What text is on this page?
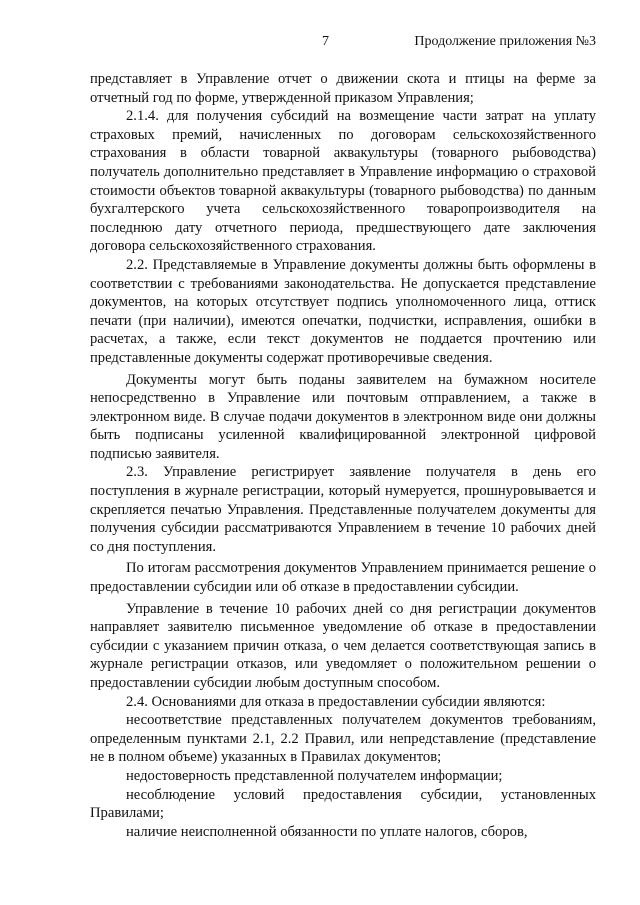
7	Продолжение приложения №3

представляет в Управление отчет о движении скота и птицы на ферме за отчетный год по форме, утвержденной приказом Управления;

2.1.4. для получения субсидий на возмещение части затрат на уплату страховых премий, начисленных по договорам сельскохозяйственного страхования в области товарной аквакультуры (товарного рыбоводства) получатель дополнительно представляет в Управление информацию о страховой стоимости объектов товарной аквакультуры (товарного рыбоводства) по данным бухгалтерского учета сельскохозяйственного товаропроизводителя на последнюю дату отчетного периода, предшествующего дате заключения договора сельскохозяйственного страхования.

2.2. Представляемые в Управление документы должны быть оформлены в соответствии с требованиями законодательства. Не допускается представление документов, на которых отсутствует подпись уполномоченного лица, оттиск печати (при наличии), имеются опечатки, подчистки, исправления, ошибки в расчетах, а также, если текст документов не поддается прочтению или представленные документы содержат противоречивые сведения.

Документы могут быть поданы заявителем на бумажном носителе непосредственно в Управление или почтовым отправлением, а также в электронном виде. В случае подачи документов в электронном виде они должны быть подписаны усиленной квалифицированной электронной цифровой подписью заявителя.

2.3. Управление регистрирует заявление получателя в день его поступления в журнале регистрации, который нумеруется, прошнуровывается и скрепляется печатью Управления. Представленные получателем документы для получения субсидии рассматриваются Управлением в течение 10 рабочих дней со дня поступления.

По итогам рассмотрения документов Управлением принимается решение о предоставлении субсидии или об отказе в предоставлении субсидии.

Управление в течение 10 рабочих дней со дня регистрации документов направляет заявителю письменное уведомление об отказе в предоставлении субсидии с указанием причин отказа, о чем делается соответствующая запись в журнале регистрации отказов, или уведомляет о положительном решении о предоставлении субсидии любым доступным способом.

2.4. Основаниями для отказа в предоставлении субсидии являются:

несоответствие представленных получателем документов требованиям, определенным пунктами 2.1, 2.2 Правил, или непредставление (представление не в полном объеме) указанных в Правилах документов;

недостоверность представленной получателем информации;

несоблюдение условий предоставления субсидии, установленных Правилами;

наличие неисполненной обязанности по уплате налогов, сборов,
